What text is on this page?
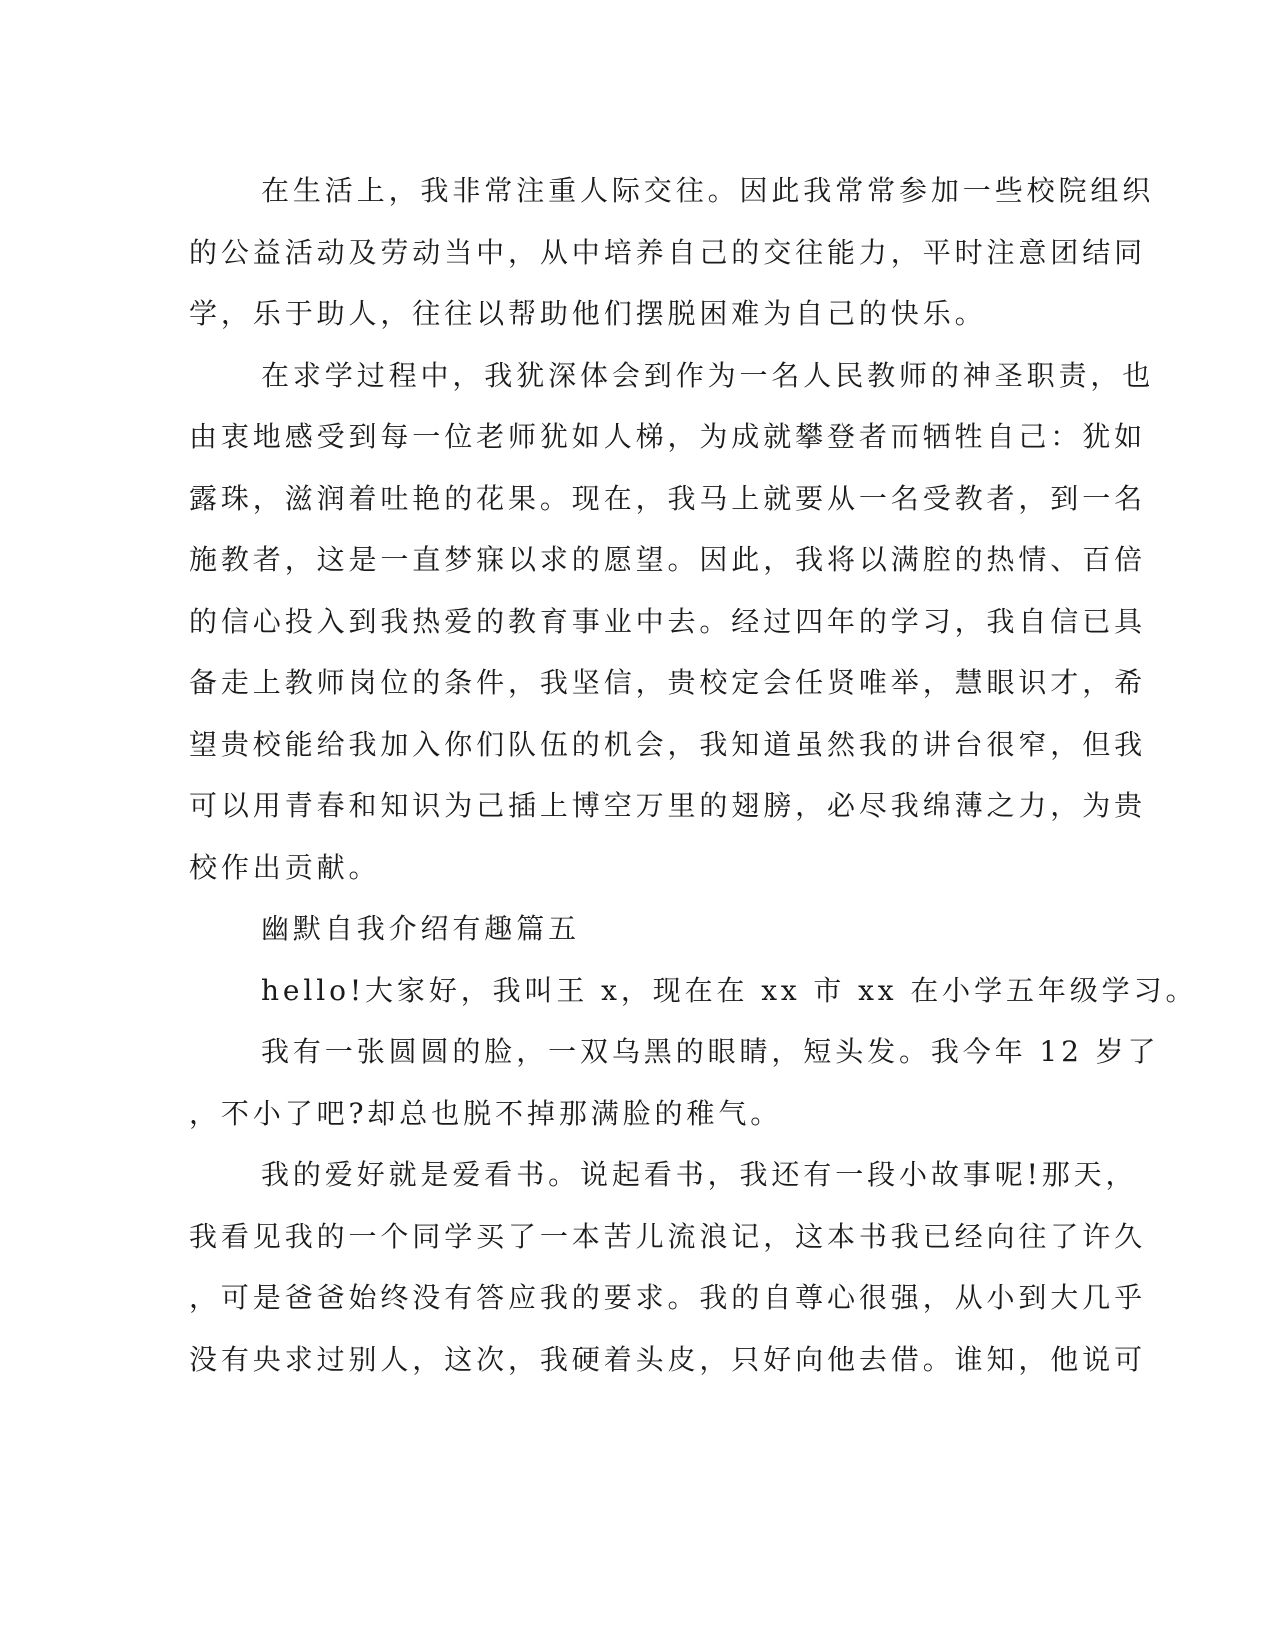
在生活上，我非常注重人际交往。因此我常常参加一些校院组织
的公益活动及劳动当中，从中培养自己的交往能力，平时注意团结同
学，乐于助人，往往以帮助他们摆脱困难为自己的快乐。
在求学过程中，我犹深体会到作为一名人民教师的神圣职责，也
由衷地感受到每一位老师犹如人梯，为成就攀登者而牺牲自己：犹如
露珠，滋润着吐艳的花果。现在，我马上就要从一名受教者，到一名
施教者，这是一直梦寐以求的愿望。因此，我将以满腔的热情、百倍
的信心投入到我热爱的教育事业中去。经过四年的学习，我自信已具
备走上教师岗位的条件，我坚信，贵校定会任贤唯举，慧眼识才，希
望贵校能给我加入你们队伍的机会，我知道虽然我的讲台很窄，但我
可以用青春和知识为己插上博空万里的翅膀，必尽我绵薄之力，为贵
校作出贡献。
幽默自我介绍有趣篇五
hello!大家好，我叫王 x，现在在 xx 市 xx 在小学五年级学习。
我有一张圆圆的脸，一双乌黑的眼睛，短头发。我今年 12 岁了
，不小了吧?却总也脱不掉那满脸的稚气。
我的爱好就是爱看书。说起看书，我还有一段小故事呢!那天，
我看见我的一个同学买了一本苦儿流浪记，这本书我已经向往了许久
，可是爸爸始终没有答应我的要求。我的自尊心很强，从小到大几乎
没有央求过别人，这次，我硬着头皮，只好向他去借。谁知，他说可
